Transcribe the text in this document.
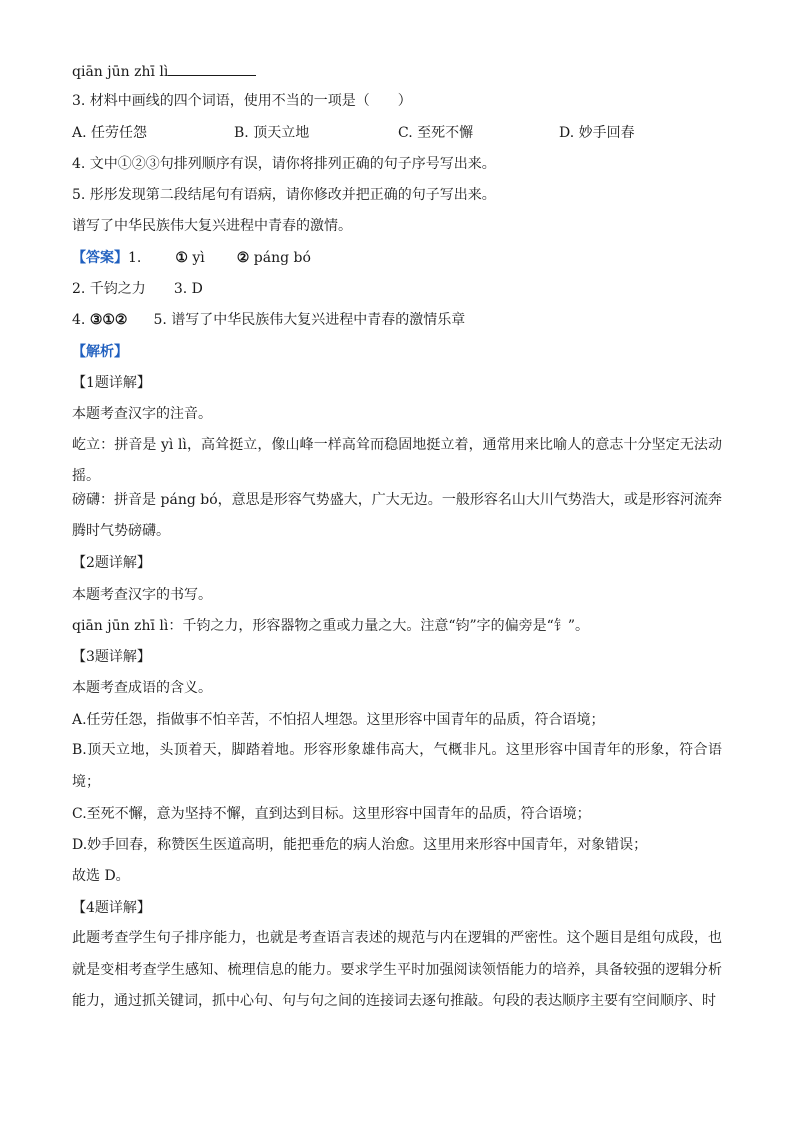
qiān jūn zhī lì
3. 材料中画线的四个词语，使用不当的一项是（　　）
A. 任劳任怨	B. 顶天立地	C. 至死不懈	D. 妙手回春
4. 文中①②③句排列顺序有误，请你将排列正确的句子序号写出来。
5. 彤彤发现第二段结尾句有语病，请你修改并把正确的句子写出来。
谱写了中华民族伟大复兴进程中青春的激情。
【答案】1. ① yì ② páng bó
2. 千钧之力 3. D
4. ③①② 5. 谱写了中华民族伟大复兴进程中青春的激情乐章
【解析】
【1题详解】
本题考查汉字的注音。
屹立：拼音是 yì lì，高耸挺立，像山峰一样高耸而稳固地挺立着，通常用来比喻人的意志十分坚定无法动摇。
磅礴：拼音是 páng bó，意思是形容气势盛大，广大无边。一般形容名山大川气势浩大，或是形容河流奔腾时气势磅礴。
【2题详解】
本题考查汉字的书写。
qiān jūn zhī lì：千钧之力，形容器物之重或力量之大。注意“钧”字的偏旁是“钅”。
【3题详解】
本题考查成语的含义。
A.任劳任怨，指做事不怕辛苦，不怕招人埋怨。这里形容中国青年的品质，符合语境；
B.顶天立地，头顶着天，脚踏着地。形容形象雄伟高大，气概非凡。这里形容中国青年的形象，符合语境；
C.至死不懈，意为坚持不懈，直到达到目标。这里形容中国青年的品质，符合语境；
D.妙手回春，称赞医生医道高明，能把垂危的病人治愈。这里用来形容中国青年，对象错误；
故选 D。
【4题详解】
此题考查学生句子排序能力，也就是考查语言表述的规范与内在逻辑的严密性。这个题目是组句成段，也就是变相考查学生感知、梳理信息的能力。要求学生平时加强阅读领悟能力的培养，具备较强的逻辑分析能力，通过抓关键词，抓中心句、句与句之间的连接词去逐句推敲。句段的表达顺序主要有空间顺序、时
